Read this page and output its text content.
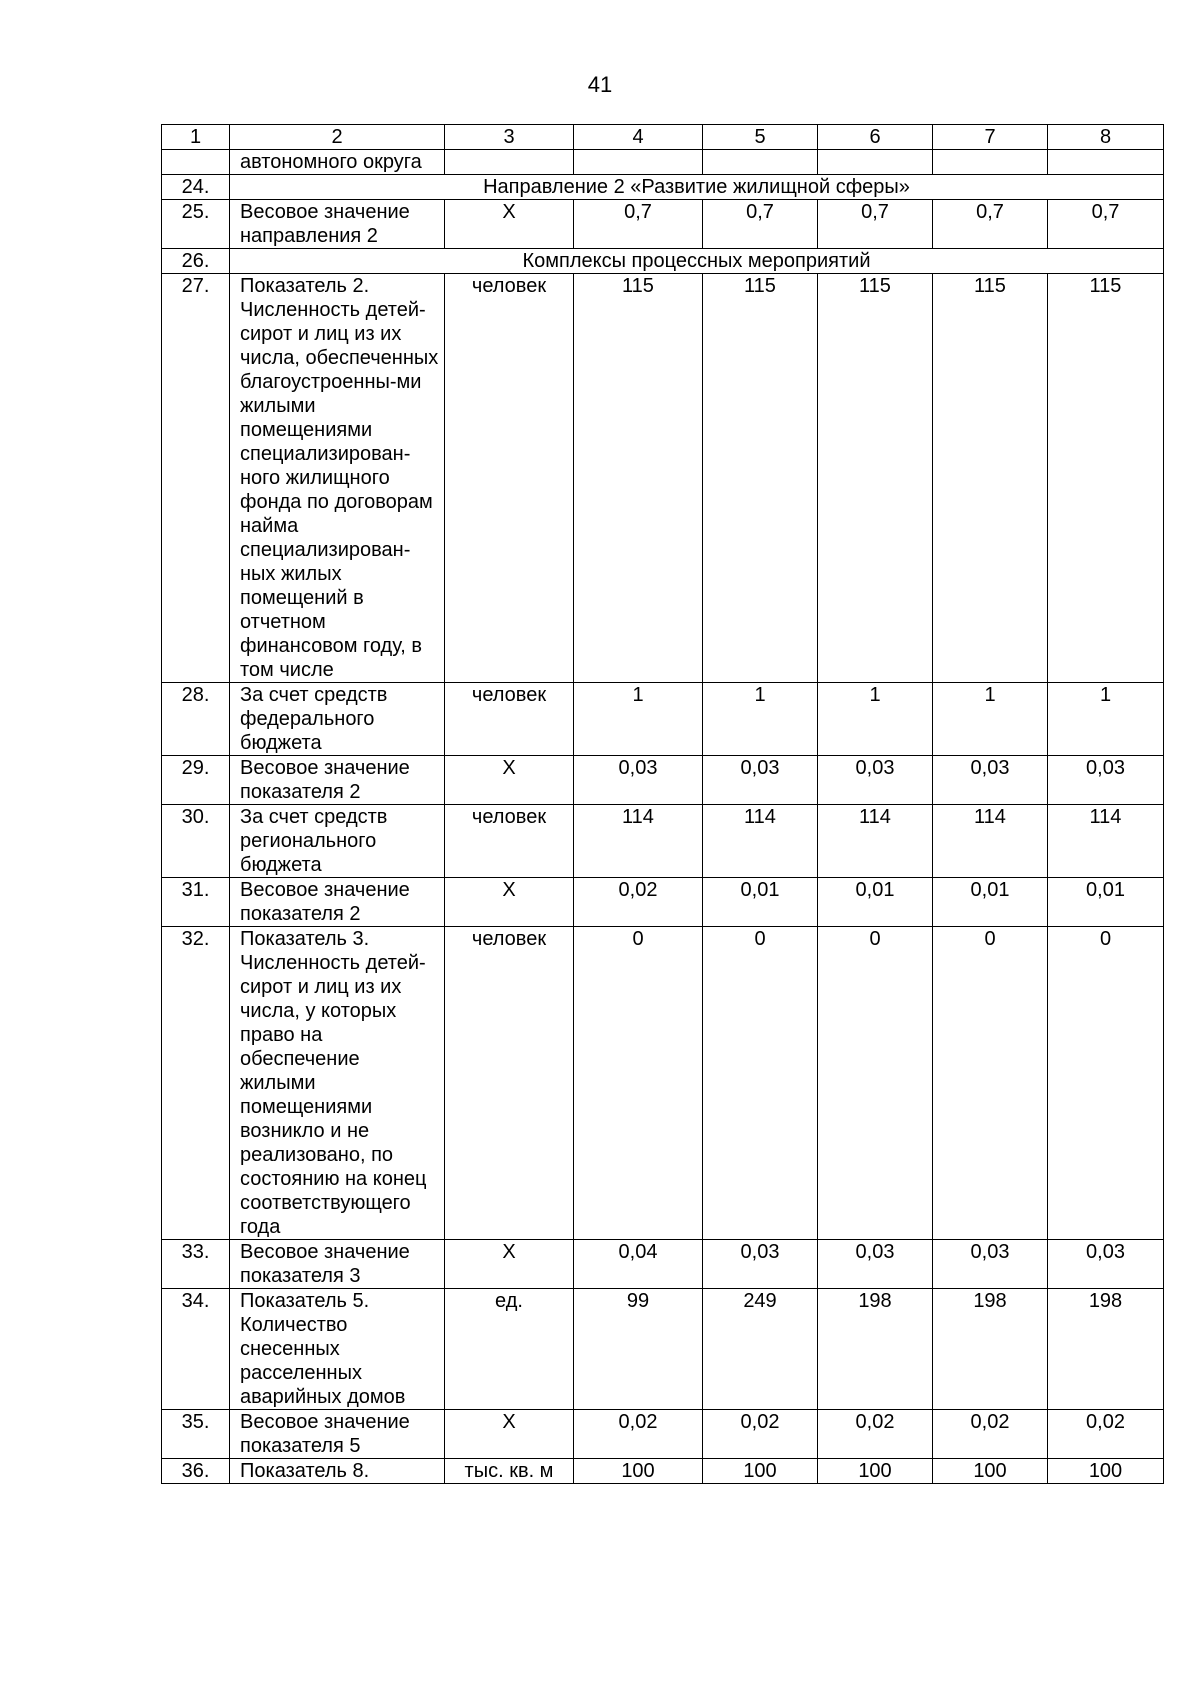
41
1	2	3	4	5	6	7	8
	автономного округа						
24.	Направление 2 «Развитие жилищной сферы»						
25.	Весовое значение направления 2	Х	0,7	0,7	0,7	0,7	0,7
26.	Комплексы процессных мероприятий						
27.	Показатель 2. Численность детей-сирот и лиц из их числа, обеспеченных благоустроенны-ми жилыми помещениями специализирован-ного жилищного фонда по договорам найма специализирован-ных жилых помещений в отчетном финансовом году, в том числе	человек	115	115	115	115	115
28.	За счет средств федерального бюджета	человек	1	1	1	1	1
29.	Весовое значение показателя 2	Х	0,03	0,03	0,03	0,03	0,03
30.	За счет средств регионального бюджета	человек	114	114	114	114	114
31.	Весовое значение показателя 2	Х	0,02	0,01	0,01	0,01	0,01
32.	Показатель 3. Численность детей-сирот и лиц из их числа, у которых право на обеспечение жилыми помещениями возникло и не реализовано, по состоянию на конец соответствующего года	человек	0	0	0	0	0
33.	Весовое значение показателя 3	Х	0,04	0,03	0,03	0,03	0,03
34.	Показатель 5. Количество снесенных расселенных аварийных домов	ед.	99	249	198	198	198
35.	Весовое значение показателя 5	Х	0,02	0,02	0,02	0,02	0,02
36.	Показатель 8.	тыс. кв. м	100	100	100	100	100
